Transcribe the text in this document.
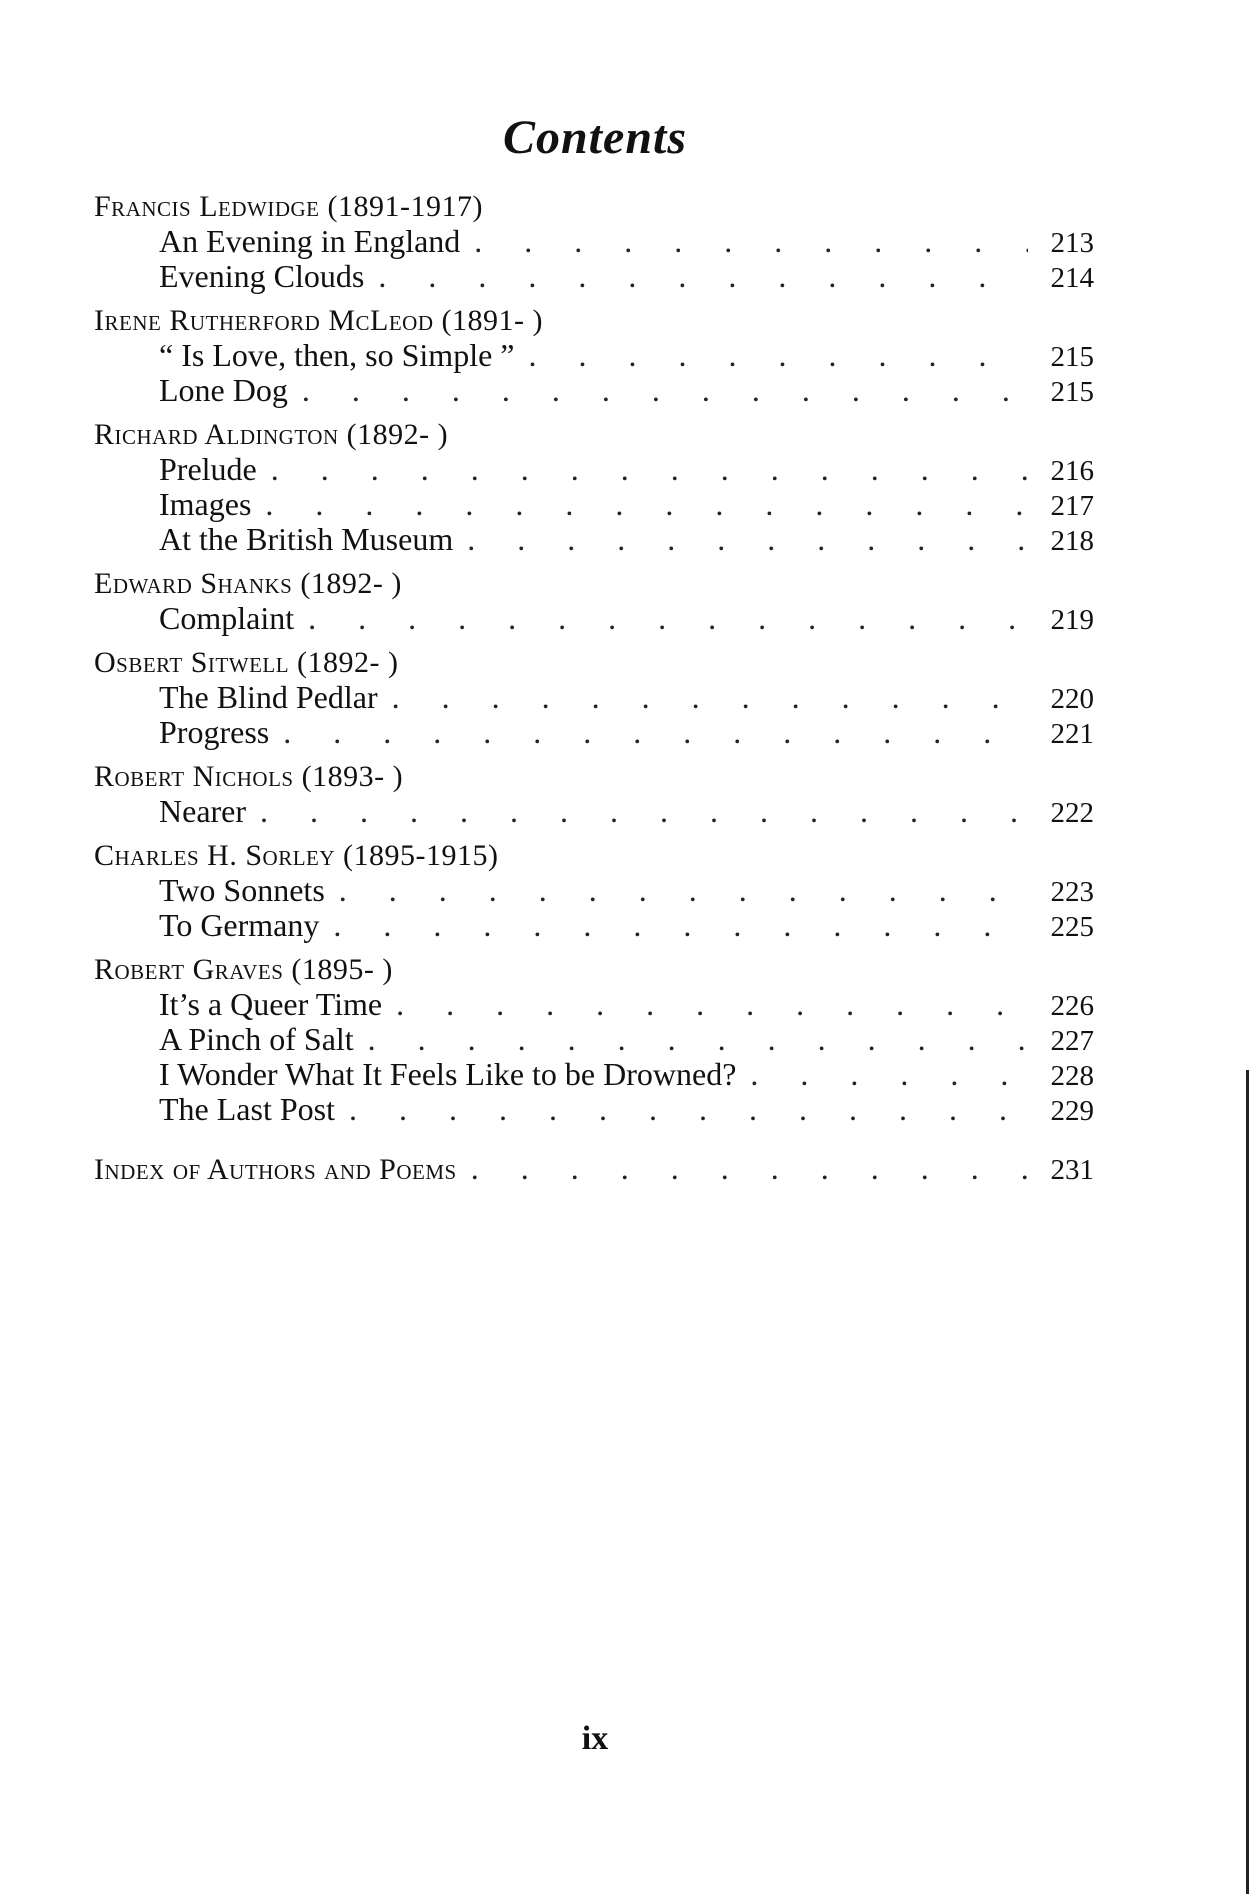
Contents
Francis Ledwidge (1891-1917)
An Evening in England . . .	213
Evening Clouds . . .	214
Irene Rutherford McLeod (1891- )
“ Is Love, then, so Simple ” . . .	215
Lone Dog . . .	215
Richard Aldington (1892- )
Prelude . . .	216
Images . . .	217
At the British Museum . . .	218
Edward Shanks (1892- )
Complaint . . .	219
Osbert Sitwell (1892- )
The Blind Pedlar . . .	220
Progress . . .	221
Robert Nichols (1893- )
Nearer . . .	222
Charles H. Sorley (1895-1915)
Two Sonnets . . .	223
To Germany . . .	225
Robert Graves (1895- )
It’s a Queer Time . . .	226
A Pinch of Salt . . .	227
I Wonder What It Feels Like to be Drowned? . . .	228
The Last Post . . .	229
Index of Authors and Poems . . .	231
ix
